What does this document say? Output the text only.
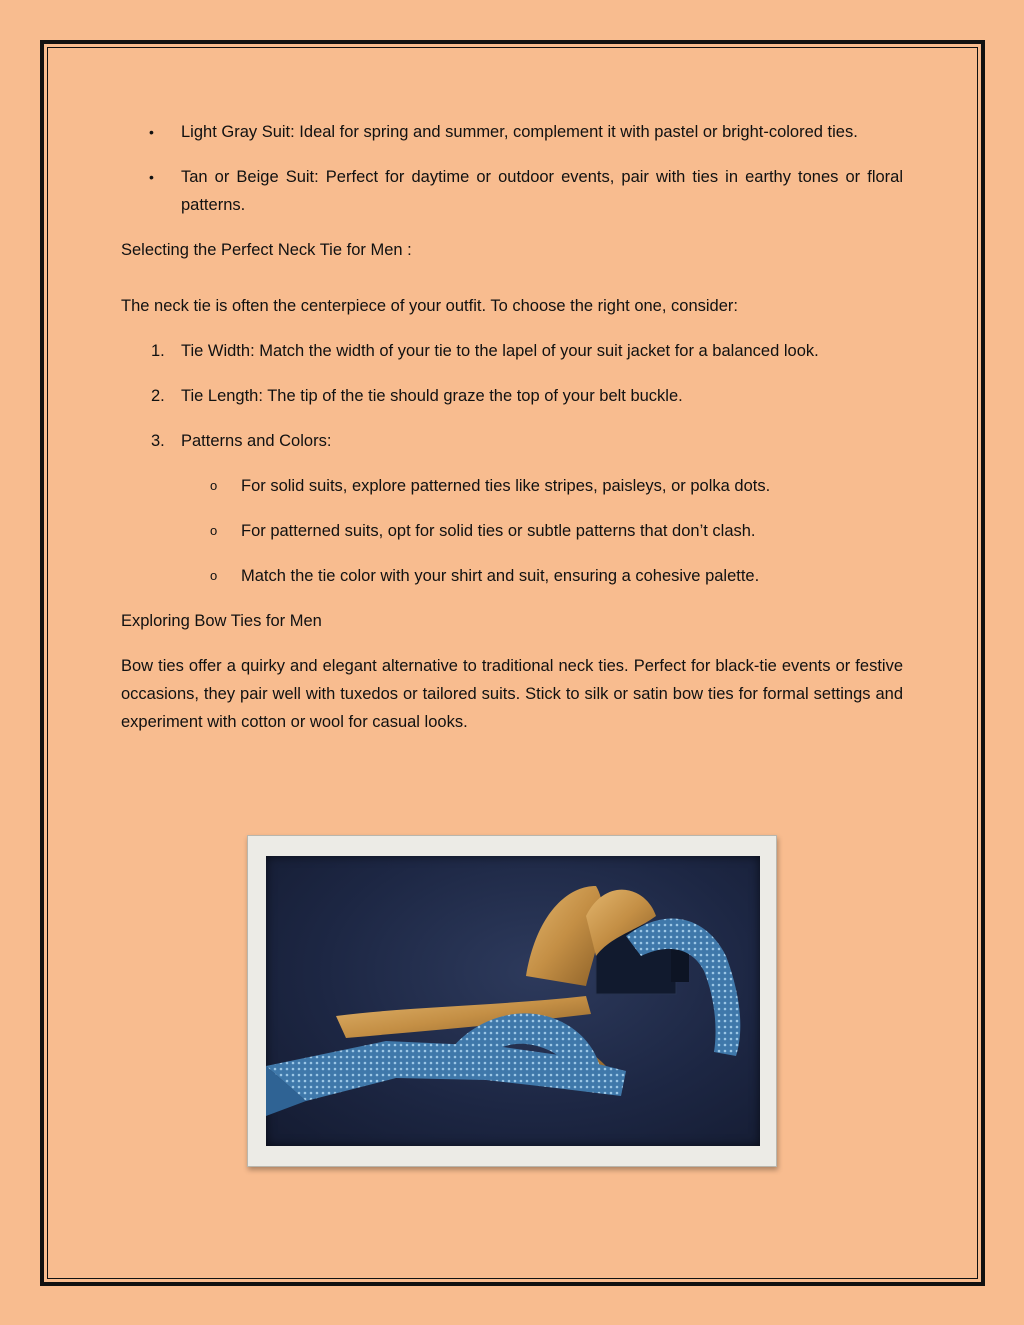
• Light Gray Suit: Ideal for spring and summer, complement it with pastel or bright-colored ties.
• Tan or Beige Suit: Perfect for daytime or outdoor events, pair with ties in earthy tones or floral patterns.

Selecting the Perfect Neck Tie for Men :

The neck tie is often the centerpiece of your outfit. To choose the right one, consider:

1. Tie Width: Match the width of your tie to the lapel of your suit jacket for a balanced look.
2. Tie Length: The tip of the tie should graze the top of your belt buckle.
3. Patterns and Colors:
o For solid suits, explore patterned ties like stripes, paisleys, or polka dots.
o For patterned suits, opt for solid ties or subtle patterns that don’t clash.
o Match the tie color with your shirt and suit, ensuring a cohesive palette.

Exploring Bow Ties for Men

Bow ties offer a quirky and elegant alternative to traditional neck ties. Perfect for black-tie events or festive occasions, they pair well with tuxedos or tailored suits. Stick to silk or satin bow ties for formal settings and experiment with cotton or wool for casual looks.
